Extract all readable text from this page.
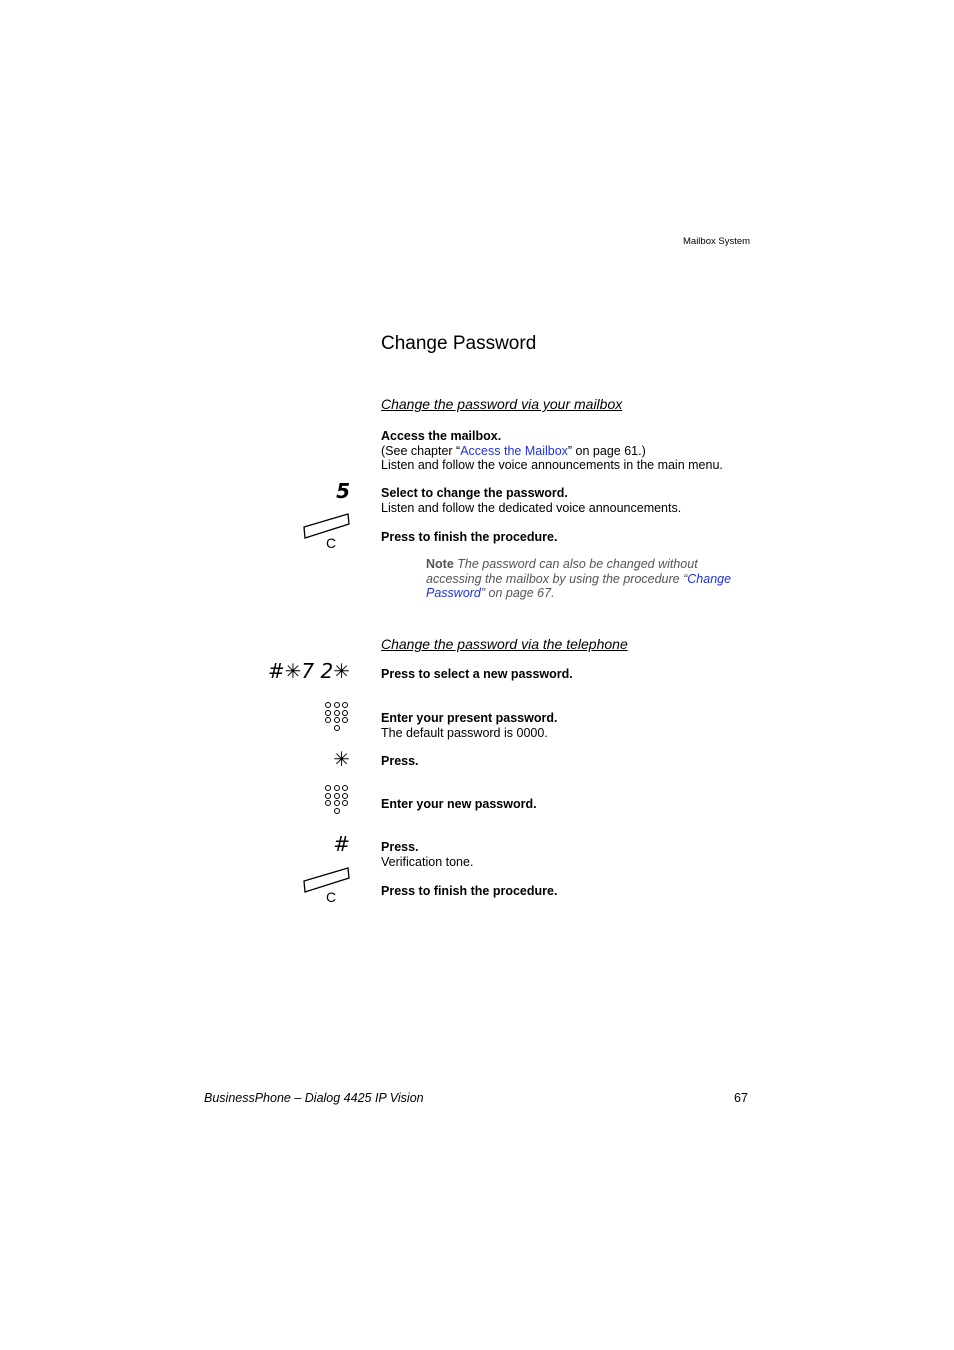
Mailbox System
Change Password
Change the password via your mailbox
Access the mailbox.
(See chapter “Access the Mailbox” on page 61.)
Listen and follow the voice announcements in the main menu.
5 Select to change the password.
Listen and follow the dedicated voice announcements.
C	Press to finish the procedure.
Note The password can also be changed without accessing the mailbox by using the procedure “Change Password” on page 67.
Change the password via the telephone
#✳7 2✳ Press to select a new password.
Enter your present password.
The default password is 0000.
✳ Press.
Enter your new password.
# Press.
Verification tone.
C	Press to finish the procedure.
BusinessPhone – Dialog 4425 IP Vision	67
